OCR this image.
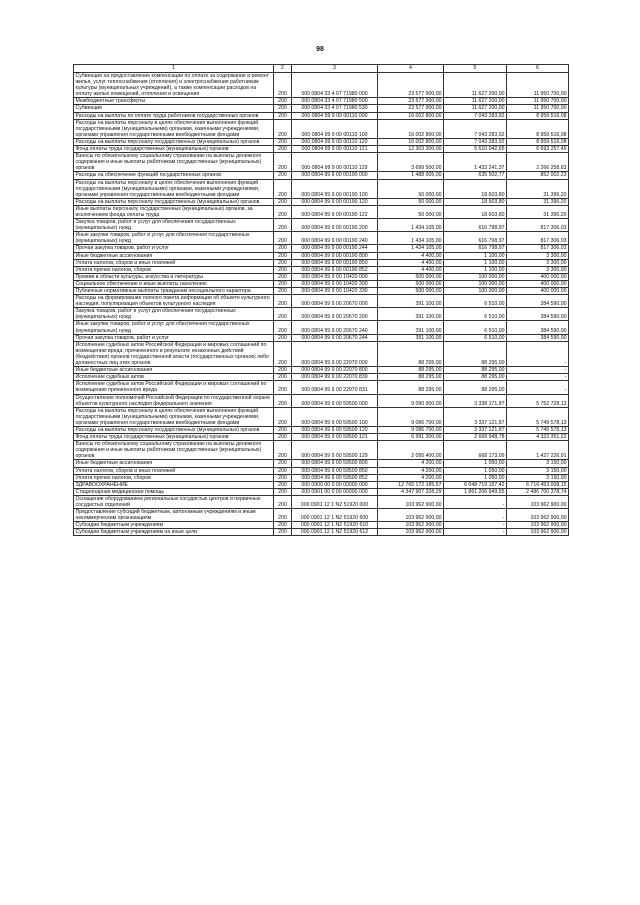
98
1	2	3	4	5	6
Субвенции на предоставление компенсации по оплате за содержание и ремонт жилья, услуг теплоснабжения (отопления) и электроснабжения работникам культуры (муниципальных учреждений), а также компенсации расходов на оплату жилых помещений, отопления и освещения	200	000 0804 33 4 07 71980 000	23 577 900,00	11 627 200,00	11 950 700,00
Межбюджетные трансферты	200	000 0804 33 4 07 71980 500	23 577 900,00	11 627 200,00	11 950 700,00
Субвенции	200	000 0804 33 4 07 71980 530	23 577 900,00	11 627 200,00	11 950 700,00
Расходы на выплаты по оплате труда работников государственных органов	200	000 0804 99 9 00 00110 000	16 002 800,00	7 043 283,92	8 959 516,08
Расходы на выплаты персоналу в целях обеспечения выполнения функций государственными (муниципальными) органами, казенными учреждениями, органами управления государственными внебюджетными фондами	200	000 0804 99 9 00 00110 100	16 002 800,00	7 043 283,92	8 959 516,08
Расходы на выплаты персоналу государственных (муниципальных) органов	200	000 0804 99 9 00 00110 120	16 002 800,00	7 043 283,92	8 959 516,08
Фонд оплаты труда государственных (муниципальных) органов	200	000 0804 99 9 00 00110 121	12 303 300,00	5 610 042,65	6 693 257,45
Взносы по обязательному социальному страхованию на выплаты денежного содержания и иные выплаты работникам государственных (муниципальных) органов	200	000 0804 99 9 00 00110 129	3 699 500,00	1 433 241,37	2 266 258,63
Расходы на обеспечение функций государственных органов	200	000 0804 99 9 00 00190 000	1 488 005,00	635 502,77	852 002,23
Расходы на выплаты персоналу в целях обеспечения выполнения функций государственными (муниципальными) органами, казенными учреждениями, органами управления государственными внебюджетными фондами	200	000 0804 99 9 00 00190 100	50 000,00	18 603,80	31 396,20
Расходы на выплаты персоналу государственных (муниципальных) органов	200	000 0804 99 9 00 00190 120	50 000,00	18 603,80	31 396,20
Иные выплаты персоналу государственных (муниципальных) органов, за исключением фонда оплаты труда	200	000 0804 99 9 00 00190 122	50 000,00	18 603,80	31 396,20
Закупка товаров, работ и услуг для обеспечения государственных (муниципальных) нужд	200	000 0804 99 9 00 00190 200	1 434 105,00	616 798,97	817 306,03
Иные закупки товаров, работ и услуг для обеспечения государственных (муниципальных) нужд	200	000 0804 99 9 00 00190 240	1 434 105,00	616 798,97	817 306,03
Прочая закупка товаров, работ и услуг	200	000 0804 99 9 00 00190 244	1 434 105,00	616 798,97	817 306,03
Иные бюджетные ассигнования	200	000 0804 99 9 00 00190 800	4 400,00	1 100,00	3 300,00
Уплата налогов, сборов и иных платежей	200	000 0804 99 9 00 00190 850	4 400,00	1 100,00	3 300,00
Уплата прочих налогов, сборов	200	000 0804 99 9 00 00190 852	4 400,00	1 100,00	3 300,00
Премии в области культуры, искусства и литературы	200	000 0804 99 9 00 10420 000	500 000,00	100 000,00	400 000,00
Социальное обеспечение и иные выплаты населению	200	000 0804 99 9 00 10420 300	500 000,00	100 000,00	400 000,00
Публичные нормативные выплаты гражданам несоциального характера	200	000 0804 99 9 00 10420 330	500 000,00	100 000,00	400 000,00
Расходы на формирование полного пакета информации об объекте культурного наследия, популяризация объектов культурного наследия	200	000 0804 99 9 00 20670 000	391 100,00	6 510,00	384 590,00
Закупка товаров, работ и услуг для обеспечения государственных (муниципальных) нужд	200	000 0804 99 9 00 20670 200	391 100,00	6 510,00	384 590,00
Иные закупки товаров, работ и услуг для обеспечения государственных (муниципальных) нужд	200	000 0804 99 9 00 20670 240	391 100,00	6 510,00	384 590,00
Прочая закупка товаров, работ и услуг	200	000 0804 99 9 00 20670 244	391 100,00	6 510,00	384 590,00
Исполнение судебных актов Российской Федерации и мировых соглашений по возмещению вреда, причиненного в результате незаконных действий (бездействия) органов государственной власти (государственных органов) либо должностных лиц этих органов	200	000 0804 99 9 00 22070 000	88 295,00	88 295,00	-
Иные бюджетные ассигнования	200	000 0804 99 9 00 22070 800	88 295,00	88 295,00	-
Исполнение судебных актов	200	000 0804 99 9 00 22070 830	88 295,00	88 295,00	-
Исполнение судебных актов Российской Федерации и мировых соглашений по возмещению причиненного вреда	200	000 0804 99 9 00 22070 831	88 295,00	88 295,00	-
Осуществление полномочий Российской Федерации по государственной охране объектов культурного наследия федерального значения	200	000 0804 99 9 00 59500 000	9 090 900,00	3 338 171,87	5 752 728,13
Расходы на выплаты персоналу в целях обеспечения выполнения функций государственными (муниципальными) органами, казенными учреждениями, органами управления государственными внебюджетными фондами	200	000 0804 99 9 00 59500 100	9 086 700,00	3 337 121,87	5 749 578,13
Расходы на выплаты персоналу государственных (муниципальных) органов	200	000 0804 99 9 00 59500 120	9 086 700,00	3 337 121,87	5 749 578,13
Фонд оплаты труда государственных (муниципальных) органов	200	000 0804 99 9 00 59500 121	6 991 300,00	2 668 948,78	4 322 351,22
Взносы по обязательному социальному страхованию на выплаты денежного содержания и иные выплаты работникам государственных (муниципальных) органов	200	000 0804 99 9 00 59500 129	2 095 400,00	668 173,09	1 427 226,91
Иные бюджетные ассигнования	200	000 0804 99 9 00 59500 800	4 200,00	1 050,00	3 150,00
Уплата налогов, сборов и иных платежей	200	000 0804 99 9 00 59500 850	4 200,00	1 050,00	3 150,00
Уплата прочих налогов, сборов	200	000 0804 99 9 00 59500 852	4 200,00	1 050,00	3 150,00
ЗДРАВООХРАНЕНИЕ	200	000 0900 00 0 00 00000 000	12 765 172 185,57	6 048 719 157,42	6 716 453 008,15
Стационарная медицинская помощь	200	000 0901 00 0 00 00000 000	4 347 907 328,29	1 861 206 949,55	2 486 700 378,74
Оснащение оборудованием региональных сосудистых центров и первичных сосудистых отделений	200	000 0901 12 1 N2 51920 000	103 962 900,00	-	103 962 900,00
Предоставление субсидий бюджетным, автономным учреждениям и иным некоммерческим организациям	200	000 0901 12 1 N2 51920 600	103 962 900,00	-	103 962 900,00
Субсидии бюджетным учреждениям	200	000 0901 12 1 N2 51920 610	103 962 900,00	-	103 962 900,00
Субсидии бюджетным учреждениям на иные цели	200	000 0901 12 1 N2 51920 612	103 962 900,00	-	103 962 900,00
